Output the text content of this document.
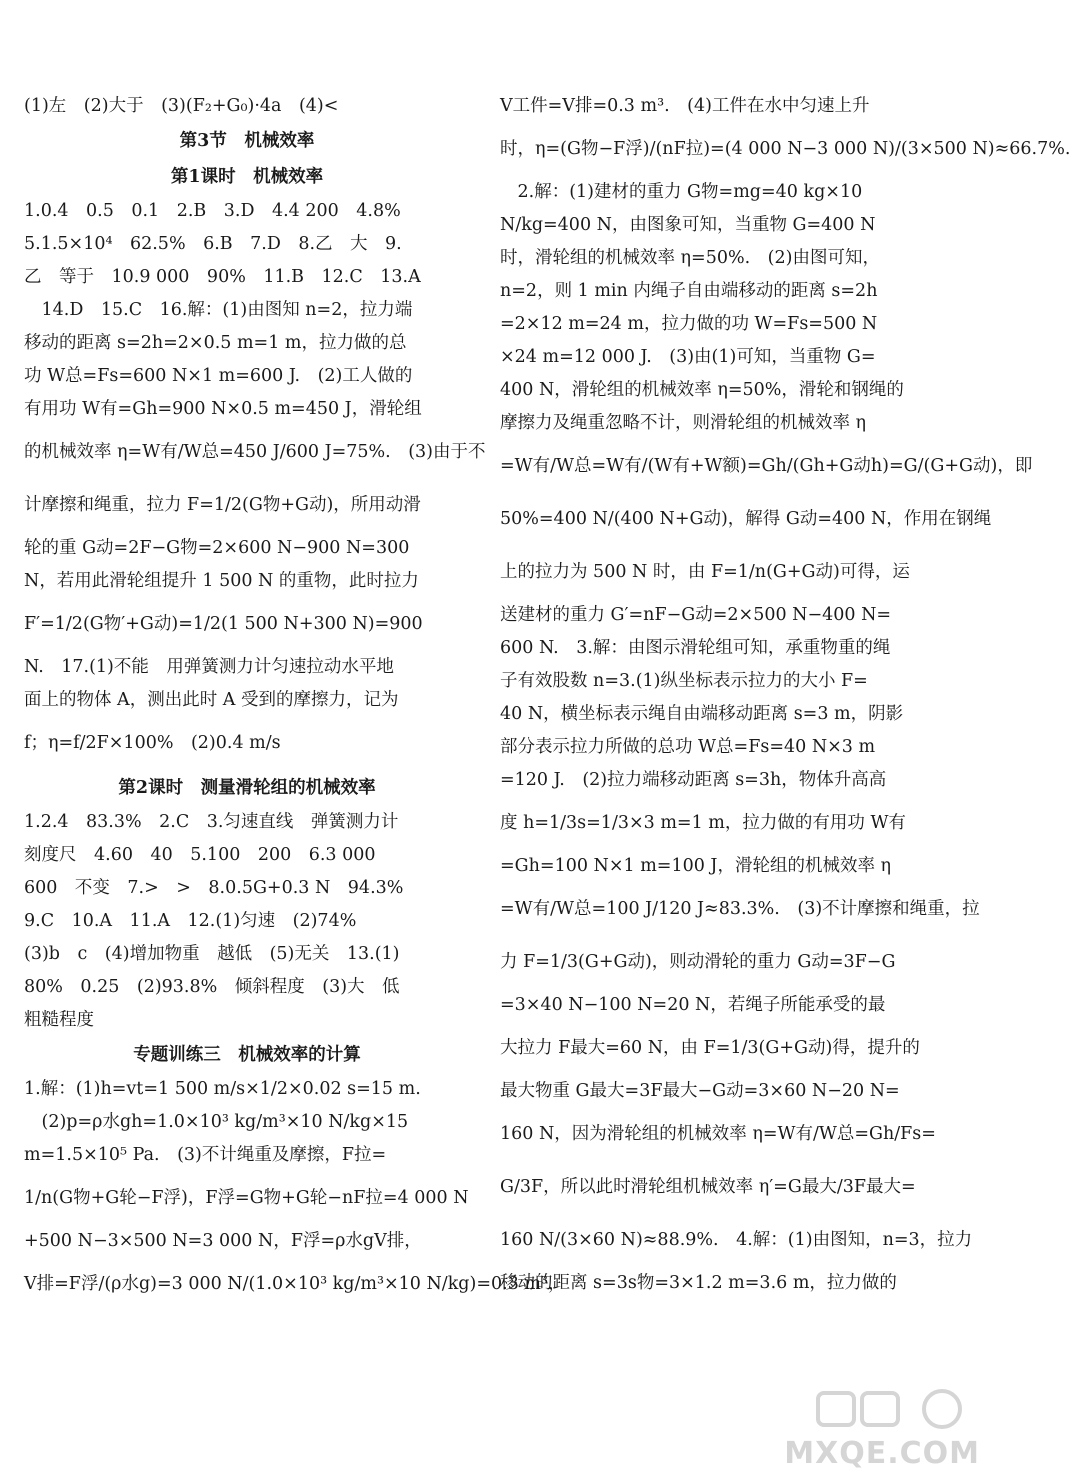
(1)左　(2)大于　(3)(F₂+G₀)·4a　(4)<
第3节　机械效率
第1课时　机械效率
1.0.4　0.5　0.1　2.B　3.D　4.4 200　4.8%
5.1.5×10⁴　62.5%　6.B　7.D　8.乙　大　9.
乙　等于　10.9 000　90%　11.B　12.C　13.A
　14.D　15.C　16.解：(1)由图知 n=2，拉力端
移动的距离 s=2h=2×0.5 m=1 m，拉力做的总
功 W总=Fs=600 N×1 m=600 J.　(2)工人做的
有用功 W有=Gh=900 N×0.5 m=450 J，滑轮组
的机械效率 η=W有/W总=450 J/600 J=75%.　(3)由于不
计摩擦和绳重，拉力 F=1/2(G物+G动)，所用动滑
轮的重 G动=2F−G物=2×600 N−900 N=300
N，若用此滑轮组提升 1 500 N 的重物，此时拉力
F′=1/2(G物′+G动)=1/2(1 500 N+300 N)=900
N.　17.(1)不能　用弹簧测力计匀速拉动水平地
面上的物体 A，测出此时 A 受到的摩擦力，记为
f；η=f/2F×100%　(2)0.4 m/s
第2课时　测量滑轮组的机械效率
1.2.4　83.3%　2.C　3.匀速直线　弹簧测力计
刻度尺　4.60　40　5.100　200　6.3 000
600　不变　7.>　>　8.0.5G+0.3 N　94.3%
9.C　10.A　11.A　12.(1)匀速　(2)74%
(3)b　c　(4)增加物重　越低　(5)无关　13.(1)
80%　0.25　(2)93.8%　倾斜程度　(3)大　低
粗糙程度
专题训练三　机械效率的计算
1.解：(1)h=vt=1 500 m/s×1/2×0.02 s=15 m.
　(2)p=ρ水gh=1.0×10³ kg/m³×10 N/kg×15
m=1.5×10⁵ Pa.　(3)不计绳重及摩擦，F拉=
1/n(G物+G轮−F浮)，F浮=G物+G轮−nF拉=4 000 N
+500 N−3×500 N=3 000 N，F浮=ρ水gV排，
V排=F浮/(ρ水g)=3 000 N/(1.0×10³ kg/m³×10 N/kg)=0.3 m³，
V工件=V排=0.3 m³.　(4)工件在水中匀速上升
时，η=(G物−F浮)/(nF拉)=(4 000 N−3 000 N)/(3×500 N)≈66.7%.
　2.解：(1)建材的重力 G物=mg=40 kg×10
N/kg=400 N，由图象可知，当重物 G=400 N
时，滑轮组的机械效率 η=50%.　(2)由图可知，
n=2，则 1 min 内绳子自由端移动的距离 s=2h
=2×12 m=24 m，拉力做的功 W=Fs=500 N
×24 m=12 000 J.　(3)由(1)可知，当重物 G=
400 N，滑轮组的机械效率 η=50%，滑轮和钢绳的
摩擦力及绳重忽略不计，则滑轮组的机械效率 η
=W有/W总=W有/(W有+W额)=Gh/(Gh+G动h)=G/(G+G动)，即
50%=400 N/(400 N+G动)，解得 G动=400 N，作用在钢绳
上的拉力为 500 N 时，由 F=1/n(G+G动)可得，运
送建材的重力 G′=nF−G动=2×500 N−400 N=
600 N.　3.解：由图示滑轮组可知，承重物重的绳
子有效股数 n=3.(1)纵坐标表示拉力的大小 F=
40 N，横坐标表示绳自由端移动距离 s=3 m，阴影
部分表示拉力所做的总功 W总=Fs=40 N×3 m
=120 J.　(2)拉力端移动距离 s=3h，物体升高高
度 h=1/3s=1/3×3 m=1 m，拉力做的有用功 W有
=Gh=100 N×1 m=100 J，滑轮组的机械效率 η
=W有/W总=100 J/120 J≈83.3%.　(3)不计摩擦和绳重，拉
力 F=1/3(G+G动)，则动滑轮的重力 G动=3F−G
=3×40 N−100 N=20 N，若绳子所能承受的最
大拉力 F最大=60 N，由 F=1/3(G+G动)得，提升的
最大物重 G最大=3F最大−G动=3×60 N−20 N=
160 N，因为滑轮组的机械效率 η=W有/W总=Gh/Fs=
G/3F，所以此时滑轮组机械效率 η′=G最大/3F最大=
160 N/(3×60 N)≈88.9%.　4.解：(1)由图知，n=3，拉力
移动的距离 s=3s物=3×1.2 m=3.6 m，拉力做的
MXQE.COM
